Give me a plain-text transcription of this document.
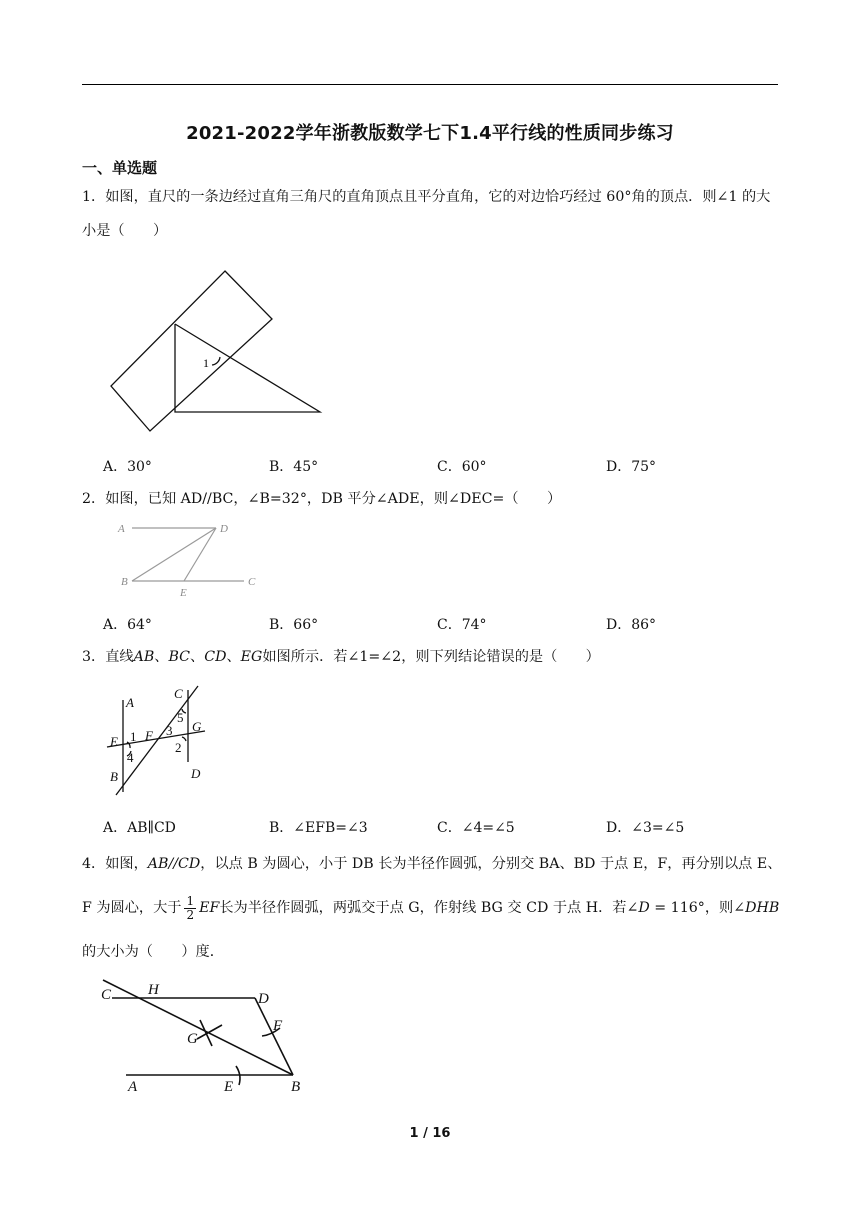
2021-2022学年浙教版数学七下1.4平行线的性质同步练习
一、单选题
1．如图，直尺的一条边经过直角三角尺的直角顶点且平分直角，它的对边恰巧经过 60°角的顶点．则∠1 的大小是（　　）
1
A．30°	B．45°	C．60°	D．75°
2．如图，已知 AD//BC，∠B=32°，DB 平分∠ADE，则∠DEC=（　　）
A	D
B
E
C
A．64°	B．66°	C．74°	D．86°
3．直线AB、BC、CD、EG如图所示．若∠1=∠2，则下列结论错误的是（　　）
A
C
5
G
E 1 F 3
2
4
B	D
A．AB∥CD	B．∠EFB=∠3	C．∠4=∠5	D．∠3=∠5
4．如图，AB//CD，以点 B 为圆心，小于 DB 长为半径作圆弧，分别交 BA、BD 于点 E，F，再分别以点 E、F 为圆心，大于 $\frac{1}{2}$ EF长为半径作圆弧，两弧交于点 G，作射线 BG 交 CD 于点 H．若∠D = 116°，则∠DHB的大小为（　　）度．
C H
D
F
G
A	E	B
1 / 16
